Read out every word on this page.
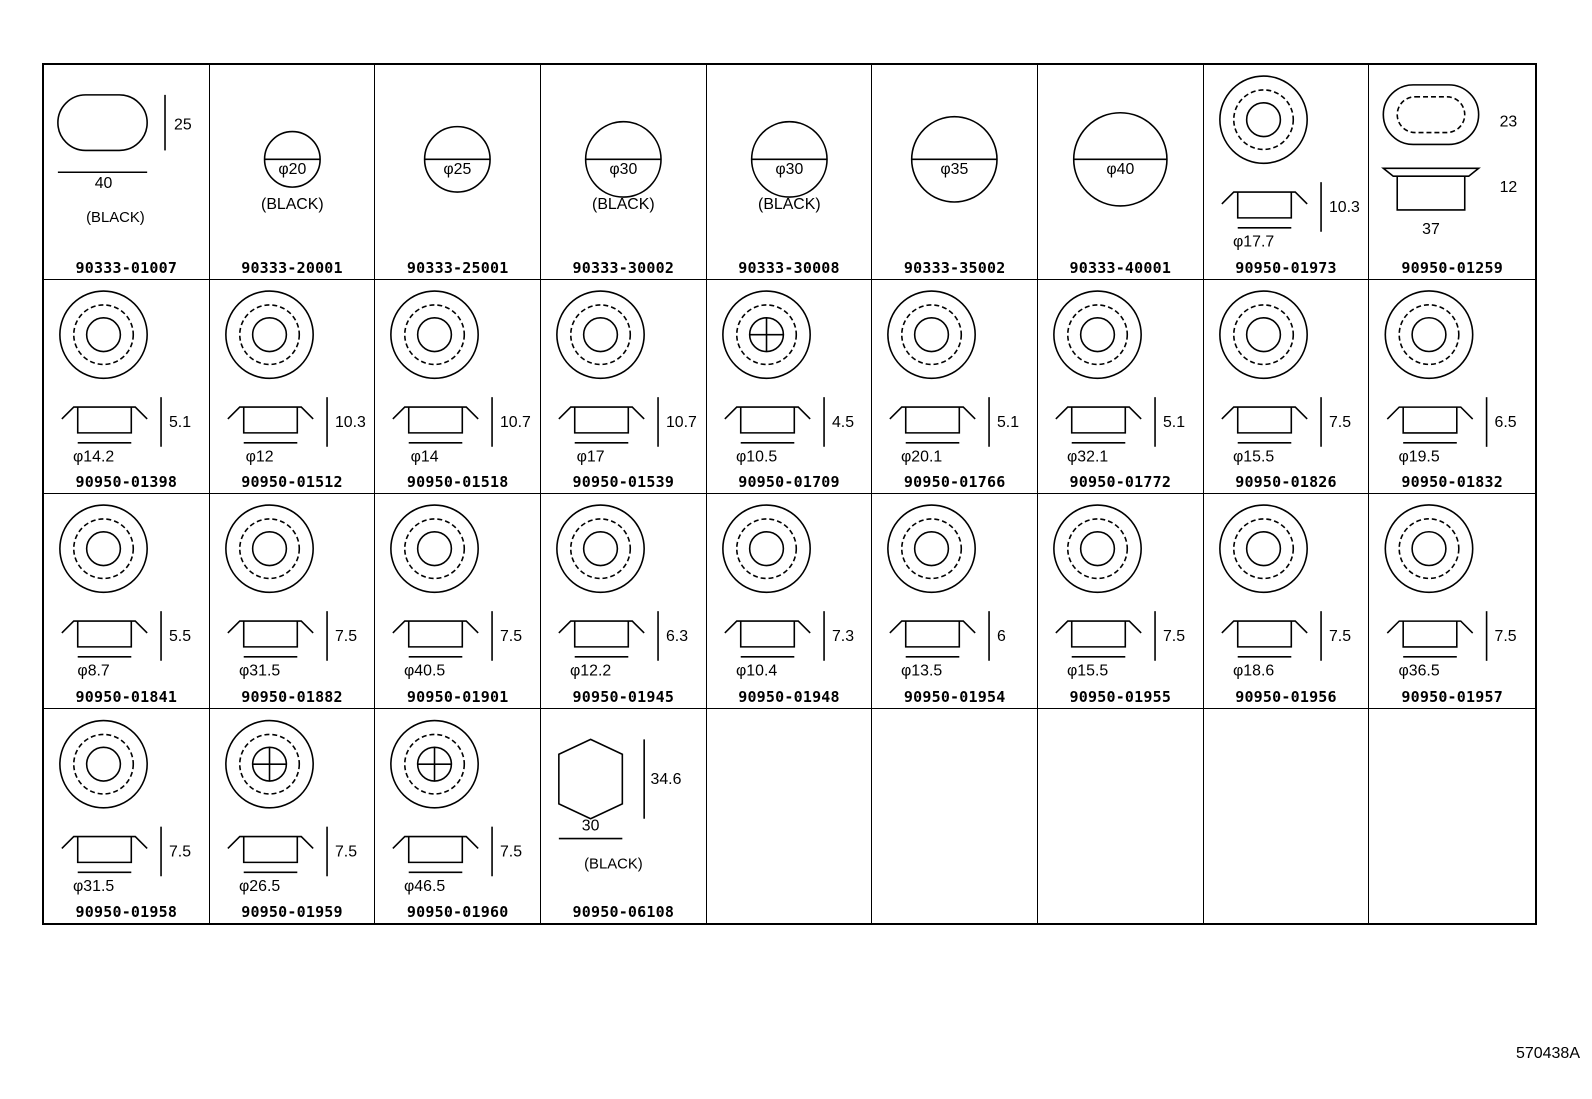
25
40
(BLACK)
90333-01007
φ20
(BLACK)
90333-20001
φ25
90333-25001
φ30
(BLACK)
90333-30002
φ30
(BLACK)
90333-30008
φ35
90333-35002
φ40
90333-40001
10.3
φ17.7
90950-01973
23
12
37
90950-01259
5.1
φ14.2
90950-01398
10.3
φ12
90950-01512
10.7
φ14
90950-01518
10.7
φ17
90950-01539
4.5
φ10.5
90950-01709
5.1
φ20.1
90950-01766
5.1
φ32.1
90950-01772
7.5
φ15.5
90950-01826
6.5
φ19.5
90950-01832
5.5
φ8.7
90950-01841
7.5
φ31.5
90950-01882
7.5
φ40.5
90950-01901
6.3
φ12.2
90950-01945
7.3
φ10.4
90950-01948
6
φ13.5
90950-01954
7.5
φ15.5
90950-01955
7.5
φ18.6
90950-01956
7.5
φ36.5
90950-01957
7.5
φ31.5
90950-01958
7.5
φ26.5
90950-01959
7.5
φ46.5
90950-01960
34.6
30
(BLACK)
90950-06108
570438A
